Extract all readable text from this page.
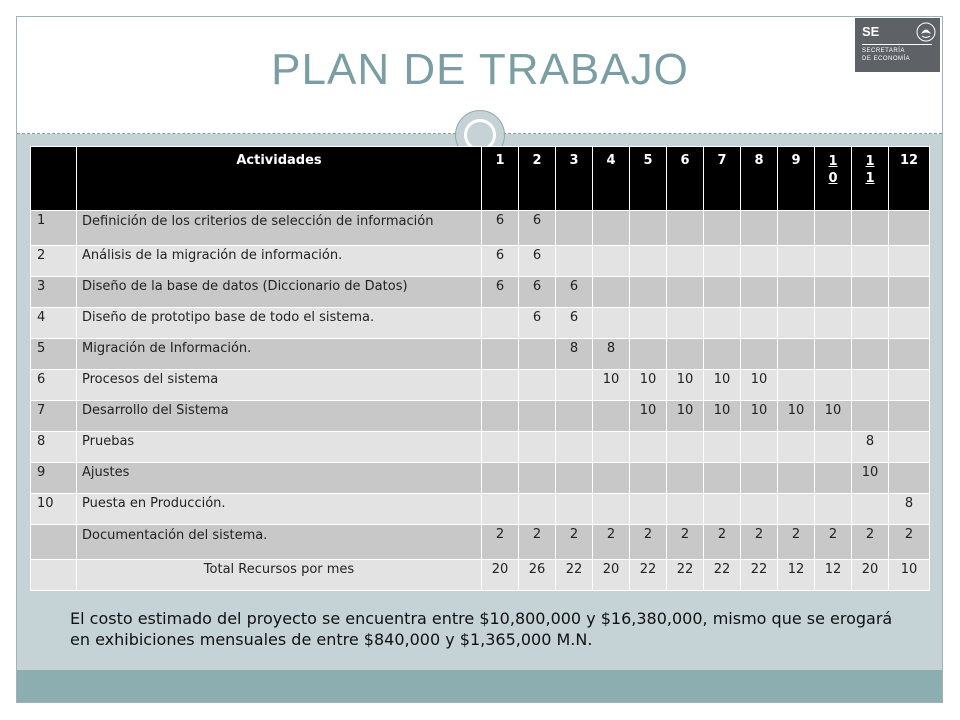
PLAN DE TRABAJO
SE
SECRETARÍA
DE ECONOMÍA
	Actividades	1	2	3	4	5	6	7	8	9	$\frac{1}{0}$	$\frac{1}{1}$	12
1	Definición de los criterios de selección de información	6	6										
2	Análisis de la migración de información.	6	6										
3	Diseño de la base de datos (Diccionario de Datos)	6	6	6									
4	Diseño de prototipo base de todo el sistema.		6	6									
5	Migración de Información.			8	8								
6	Procesos del sistema				10	10	10	10	10				
7	Desarrollo del Sistema					10	10	10	10	10	10		
8	Pruebas											8	
9	Ajustes											10	
10	Puesta en Producción.												8
	Documentación del sistema.	2	2	2	2	2	2	2	2	2	2	2	2
	Total Recursos por mes	20	26	22	20	22	22	22	22	12	12	20	10
El costo estimado del proyecto se encuentra entre $10,800,000 y $16,380,000, mismo que se erogará en exhibiciones mensuales de entre $840,000 y $1,365,000 M.N.
